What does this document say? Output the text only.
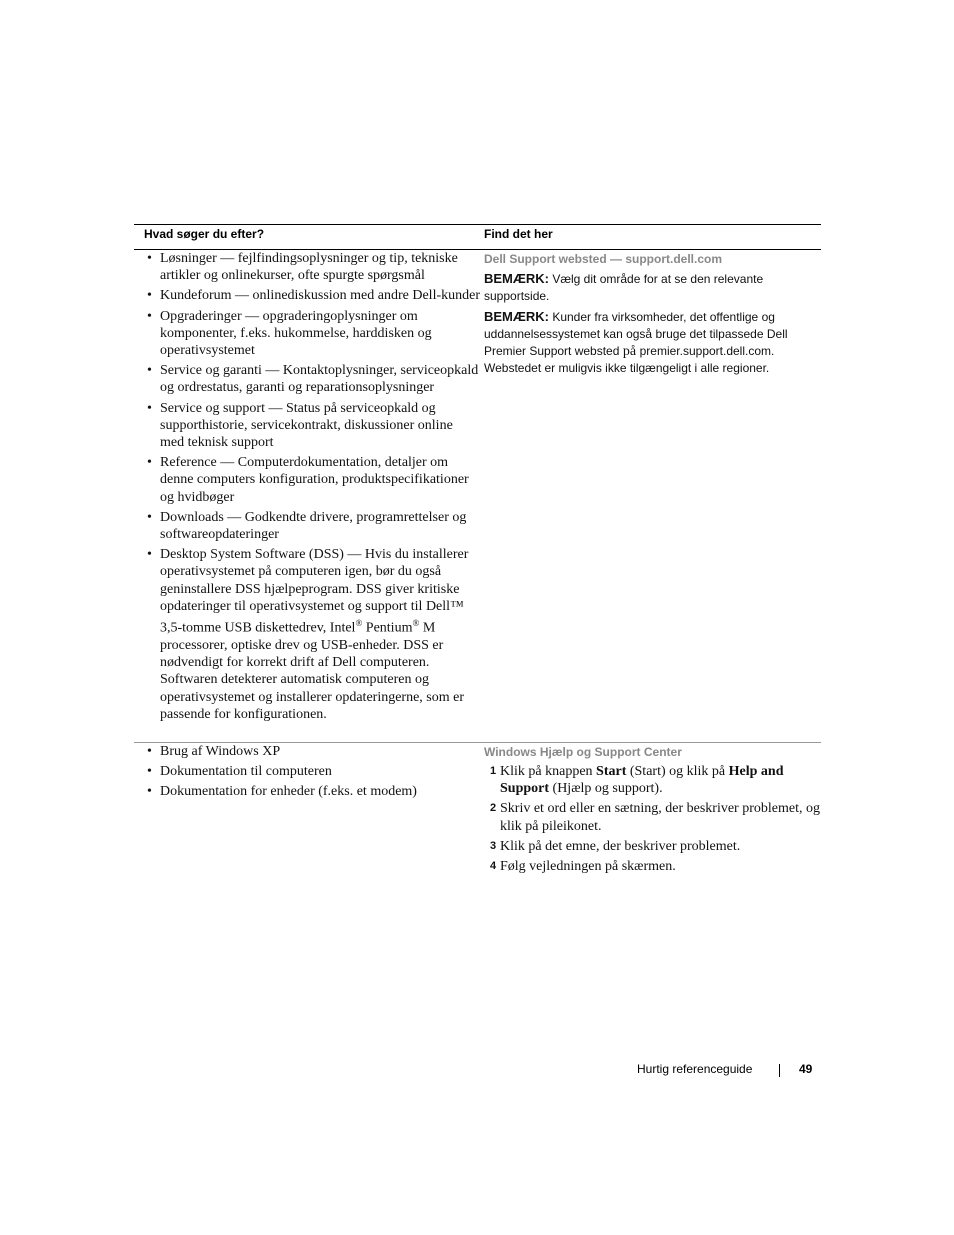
Hvad søger du efter?	Find det her
• Løsninger — fejlfindingsoplysninger og tip, tekniske artikler og onlinekurser, ofte spurgte spørgsmål
• Kundeforum — onlinediskussion med andre Dell-kunder
• Opgraderinger — opgraderingoplysninger om komponenter, f.eks. hukommelse, harddisken og operativsystemet
• Service og garanti — Kontaktoplysninger, serviceopkald og ordrestatus, garanti og reparationsoplysninger
• Service og support — Status på serviceopkald og supporthistorie, servicekontrakt, diskussioner online med teknisk support
• Reference — Computerdokumentation, detaljer om denne computers konfiguration, produktspecifikationer og hvidbøger
• Downloads — Godkendte drivere, programrettelser og softwareopdateringer
• Desktop System Software (DSS) — Hvis du installerer operativsystemet på computeren igen, bør du også geninstallere DSS hjælpeprogram. DSS giver kritiske opdateringer til operativsystemet og support til Dell™ 3,5-tomme USB diskettedrev, Intel® Pentium® M processorer, optiske drev og USB-enheder. DSS er nødvendigt for korrekt drift af Dell computeren. Softwaren detekterer automatisk computeren og operativsystemet og installerer opdateringerne, som er passende for konfigurationen.
Dell Support websted — support.dell.com
BEMÆRK: Vælg dit område for at se den relevante supportside.
BEMÆRK: Kunder fra virksomheder, det offentlige og uddannelsessystemet kan også bruge det tilpassede Dell Premier Support websted på premier.support.dell.com. Webstedet er muligvis ikke tilgængeligt i alle regioner.
• Brug af Windows XP
• Dokumentation til computeren
• Dokumentation for enheder (f.eks. et modem)
Windows Hjælp og Support Center
1 Klik på knappen Start (Start) og klik på Help and Support (Hjælp og support).
2 Skriv et ord eller en sætning, der beskriver problemet, og klik på pileikonet.
3 Klik på det emne, der beskriver problemet.
4 Følg vejledningen på skærmen.
Hurtig referenceguide	49
